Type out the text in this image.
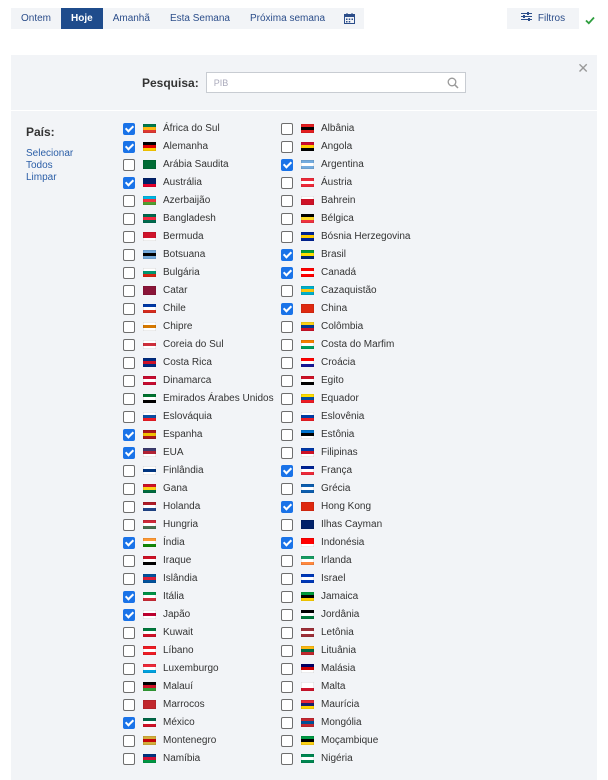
Ontem	Hoje	Amanhã	Esta Semana	Próxima semana	Filtros
✕
Pesquisa:
PIB
País:
Selecionar Todos
Limpar
África do Sul
Alemanha
Arábia Saudita
Austrália
Azerbaijão
Bangladesh
Bermuda
Botsuana
Bulgária
Catar
Chile
Chipre
Coreia do Sul
Costa Rica
Dinamarca
Emirados Árabes Unidos
Eslováquia
Espanha
EUA
Finlândia
Gana
Holanda
Hungria
Índia
Iraque
Islândia
Itália
Japão
Kuwait
Líbano
Luxemburgo
Malauí
Marrocos
México
Montenegro
Namíbia
Albânia
Angola
Argentina
Áustria
Bahrein
Bélgica
Bósnia Herzegovina
Brasil
Canadá
Cazaquistão
China
Colômbia
Costa do Marfim
Croácia
Egito
Equador
Eslovênia
Estônia
Filipinas
França
Grécia
Hong Kong
Ilhas Cayman
Indonésia
Irlanda
Israel
Jamaica
Jordânia
Letônia
Lituânia
Malásia
Malta
Maurícia
Mongólia
Moçambique
Nigéria
